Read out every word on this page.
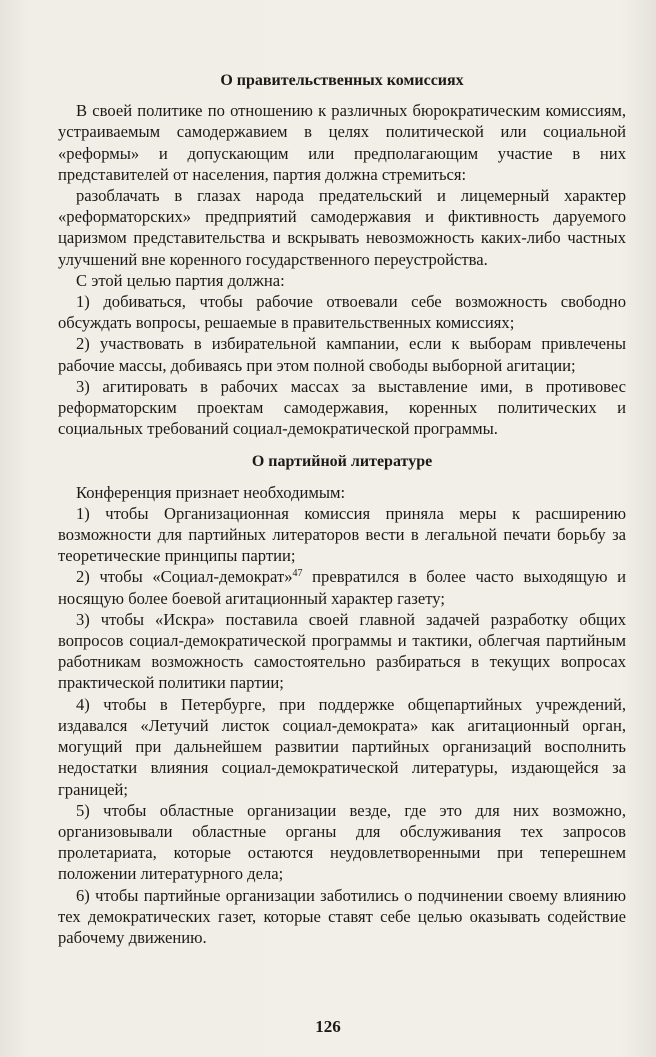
О правительственных комиссиях

В своей политике по отношению к различных бюрократическим комиссиям, устраиваемым самодержавием в целях политической или социальной «реформы» и допускающим или предполагающим участие в них представителей от населения, партия должна стремиться:

разоблачать в глазах народа предательский и лицемерный характер «реформаторских» предприятий самодержавия и фиктивность даруемого царизмом представительства и вскрывать невозможность каких-либо частных улучшений вне коренного государственного переустройства.

С этой целью партия должна:

1) добиваться, чтобы рабочие отвоевали себе возможность свободно обсуждать вопросы, решаемые в правительственных комиссиях;

2) участвовать в избирательной кампании, если к выборам привлечены рабочие массы, добиваясь при этом полной свободы выборной агитации;

3) агитировать в рабочих массах за выставление ими, в противовес реформаторским проектам самодержавия, коренных политических и социальных требований социал-демократической программы.

О партийной литературе

Конференция признает необходимым:

1) чтобы Организационная комиссия приняла меры к расширению возможности для партийных литераторов вести в легальной печати борьбу за теоретические принципы партии;

2) чтобы «Социал-демократ»$^{47}$ превратился в более часто выходящую и носящую более боевой агитационный характер газету;

3) чтобы «Искра» поставила своей главной задачей разработку общих вопросов социал-демократической программы и тактики, облегчая партийным работникам возможность самостоятельно разбираться в текущих вопросах практической политики партии;

4) чтобы в Петербурге, при поддержке общепартийных учреждений, издавался «Летучий листок социал-демократа» как агитационный орган, могущий при дальнейшем развитии партийных организаций восполнить недостатки влияния социал-демократической литературы, издающейся за границей;

5) чтобы областные организации везде, где это для них возможно, организовывали областные органы для обслуживания тех запросов пролетариата, которые остаются неудовлетворенными при теперешнем положении литературного дела;

6) чтобы партийные организации заботились о подчинении своему влиянию тех демократических газет, которые ставят себе целью оказывать содействие рабочему движению.

126
